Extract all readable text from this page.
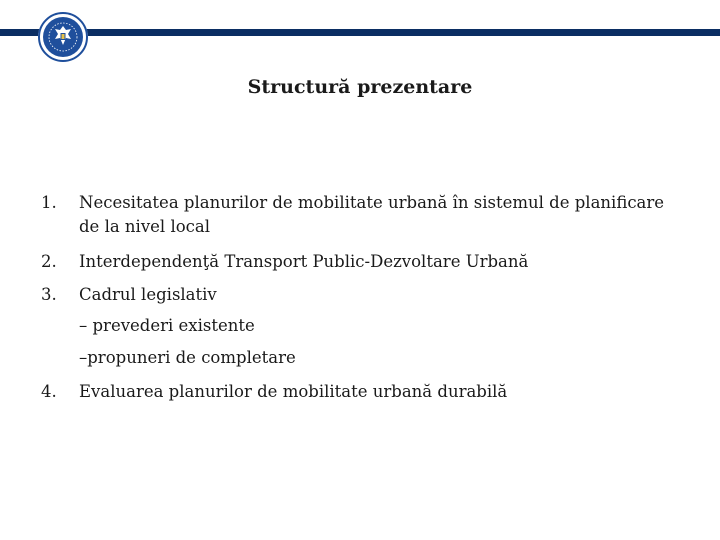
Structură prezentare
1.	Necesitatea planurilor de mobilitate urbană în sistemul de planificare de la nivel local
2.	Interdependenţă Transport Public-Dezvoltare Urbană
3.	Cadrul legislativ
– prevederi existente
–propuneri de completare
4.	Evaluarea planurilor de mobilitate urbană durabilă
